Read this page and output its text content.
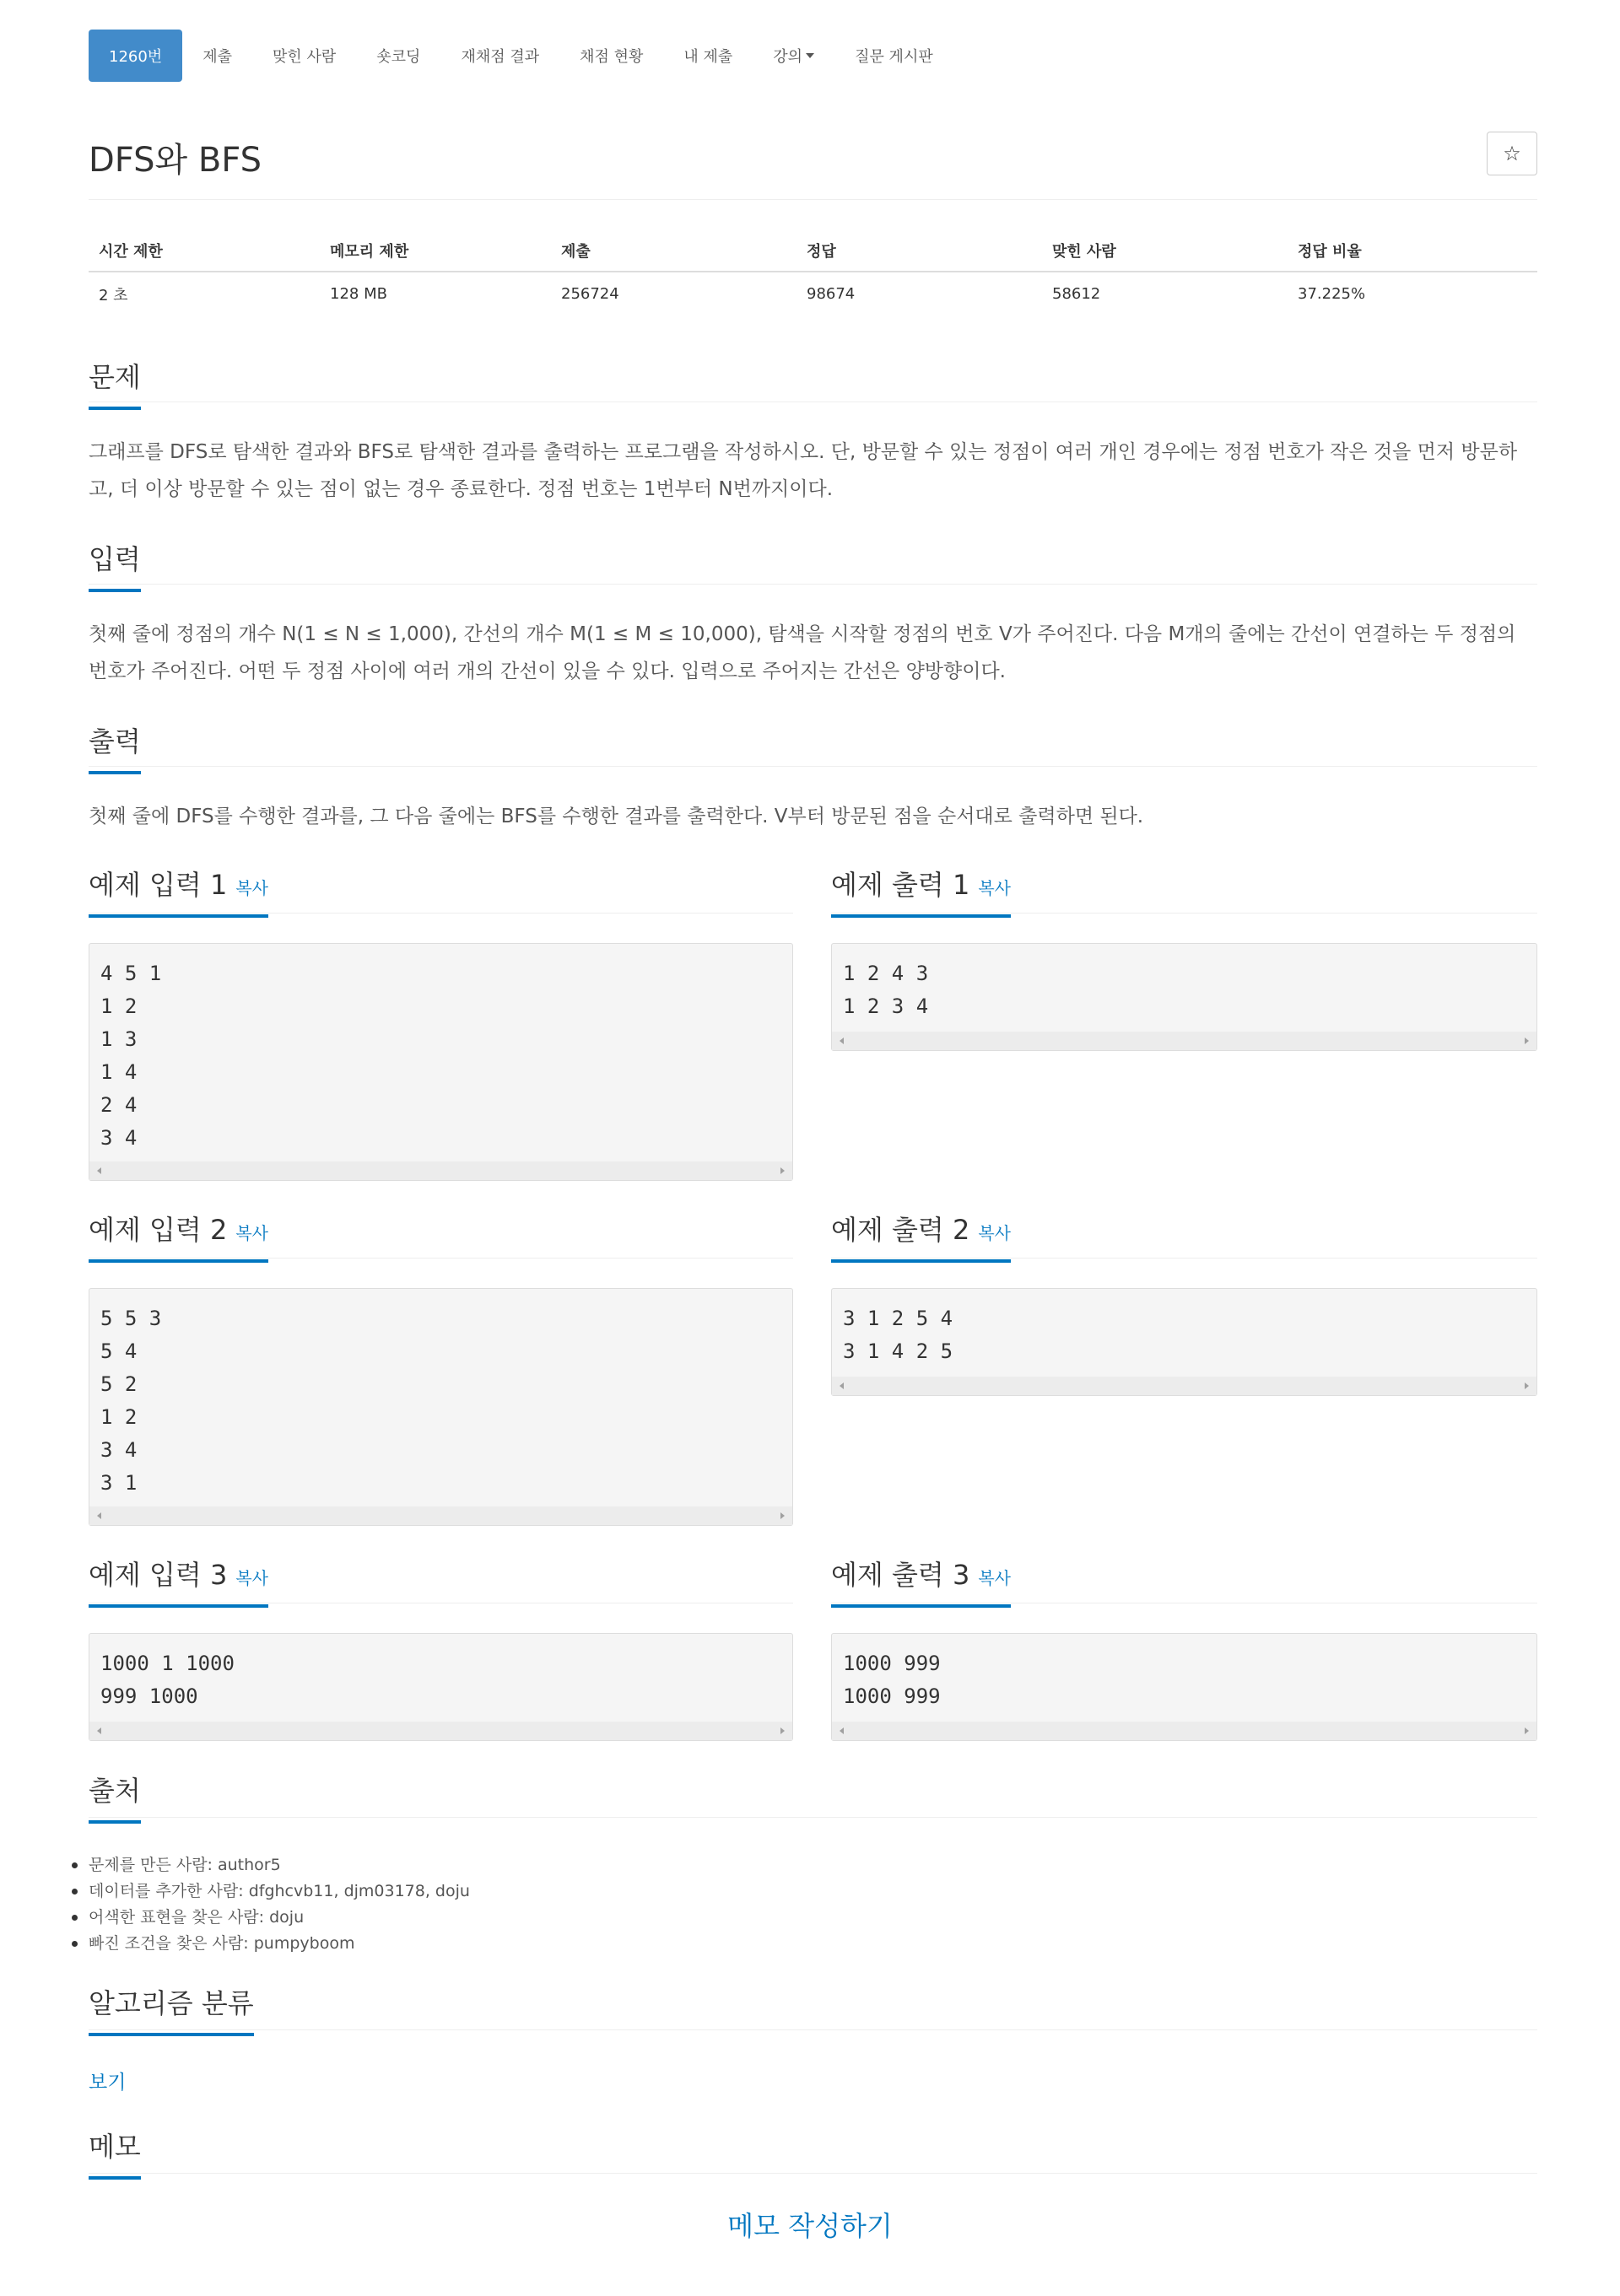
1260번	제출	맞힌 사람	숏코딩	재채점 결과	채점 현황	내 제출	강의	질문 게시판
DFS와 BFS	☆
시간 제한	메모리 제한	제출	정답	맞힌 사람	정답 비율
2 초	128 MB	256724	98674	58612	37.225%
문제

그래프를 DFS로 탐색한 결과와 BFS로 탐색한 결과를 출력하는 프로그램을 작성하시오. 단, 방문할 수 있는 정점이 여러 개인 경우에는 정점 번호가 작은 것을 먼저 방문하고, 더 이상 방문할 수 있는 점이 없는 경우 종료한다. 정점 번호는 1번부터 N번까지이다.

입력

첫째 줄에 정점의 개수 N(1 ≤ N ≤ 1,000), 간선의 개수 M(1 ≤ M ≤ 10,000), 탐색을 시작할 정점의 번호 V가 주어진다. 다음 M개의 줄에는 간선이 연결하는 두 정점의 번호가 주어진다. 어떤 두 정점 사이에 여러 개의 간선이 있을 수 있다. 입력으로 주어지는 간선은 양방향이다.

출력

첫째 줄에 DFS를 수행한 결과를, 그 다음 줄에는 BFS를 수행한 결과를 출력한다. V부터 방문된 점을 순서대로 출력하면 된다.

예제 입력 1 복사
4 5 1
1 2
1 3
1 4
2 4
3 4
예제 출력 1 복사
1 2 4 3
1 2 3 4
예제 입력 2 복사
5 5 3
5 4
5 2
1 2
3 4
3 1
예제 출력 2 복사
3 1 2 5 4
3 1 4 2 5
예제 입력 3 복사
1000 1 1000
999 1000
예제 출력 3 복사
1000 999
1000 999
출처
문제를 만든 사람: author5
데이터를 추가한 사람: dfghcvb11, djm03178, doju
어색한 표현을 찾은 사람: doju
빠진 조건을 찾은 사람: pumpyboom
알고리즘 분류
보기
메모
메모 작성하기
